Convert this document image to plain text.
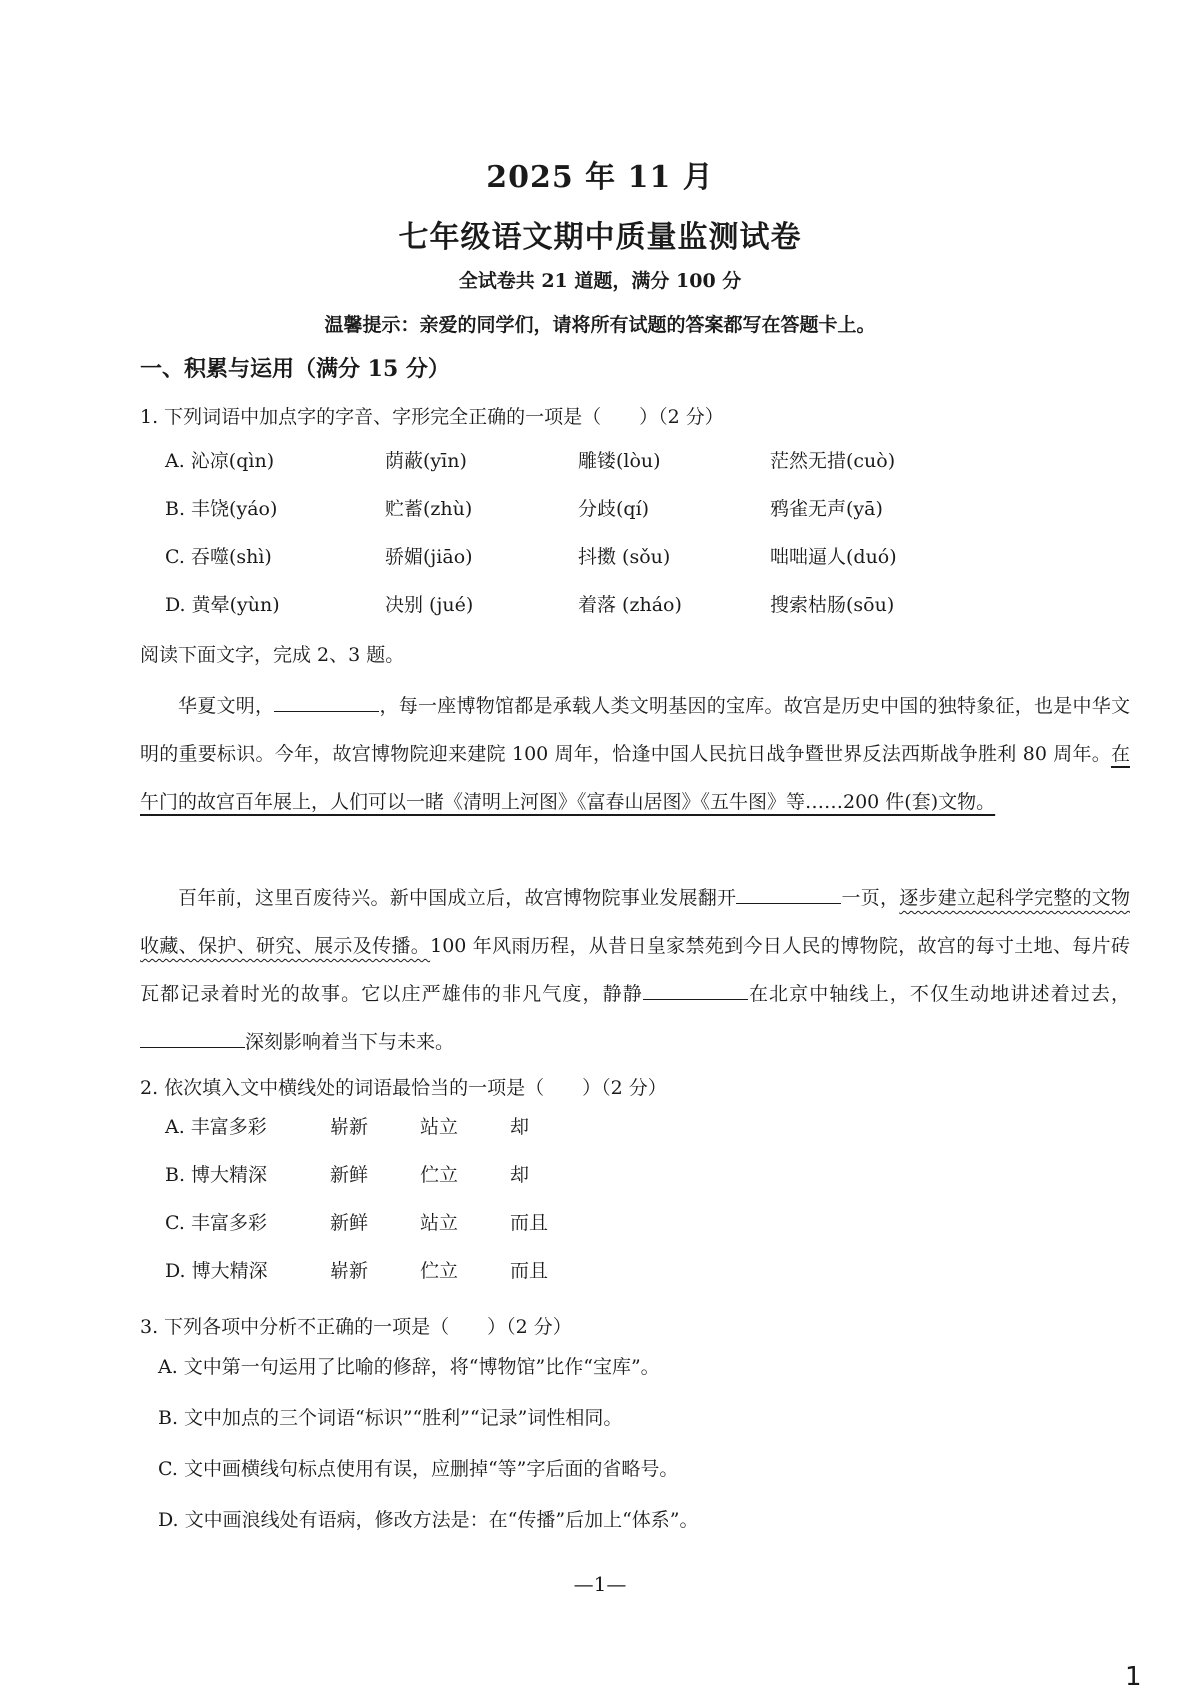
2025 年 11 月
七年级语文期中质量监测试卷
全试卷共 21 道题，满分 100 分
温馨提示：亲爱的同学们，请将所有试题的答案都写在答题卡上。
一、积累与运用（满分 15 分）
1. 下列词语中加点字的字音、字形完全正确的一项是（　　）（2 分）
A. 沁凉(qìn)	荫蔽(yīn)	雕镂(lòu)	茫然无措(cuò)
B. 丰饶(yáo)	贮蓄(zhù)	分歧(qí)	鸦雀无声(yā)
C. 吞噬(shì)	骄媚(jiāo)	抖擞 (sǒu)	咄咄逼人(duó)
D. 黄晕(yùn)	决别 (jué)	着落 (zháo)	搜索枯肠(sōu)
阅读下面文字，完成 2、3 题。
华夏文明，	，每一座博物馆都是承载人类文明基因的宝库。故宫是历史中国的独特象征，也是中华文明的重要标识。今年，故宫博物院迎来建院 100 周年，恰逢中国人民抗日战争暨世界反法西斯战争胜利 80 周年。在午门的故宫百年展上，人们可以一睹《清明上河图》《富春山居图》《五牛图》等……200 件(套)文物。
百年前，这里百废待兴。新中国成立后，故宫博物院事业发展翻开	一页，逐步建立起科学完整的文物收藏、保护、研究、展示及传播。100 年风雨历程，从昔日皇家禁苑到今日人民的博物院，故宫的每寸土地、每片砖瓦都记录着时光的故事。它以庄严雄伟的非凡气度，静静	在北京中轴线上，不仅生动地讲述着过去，深刻影响着当下与未来。
2. 依次填入文中横线处的词语最恰当的一项是（　　）（2 分）
A. 丰富多彩	崭新	站立	却
B. 博大精深	新鲜	伫立	却
C. 丰富多彩	新鲜	站立	而且
D. 博大精深	崭新	伫立	而且
3. 下列各项中分析不正确的一项是（　　）（2 分）
A. 文中第一句运用了比喻的修辞，将“博物馆”比作“宝库”。
B. 文中加点的三个词语“标识”“胜利”“记录”词性相同。
C. 文中画横线句标点使用有误，应删掉“等”字后面的省略号。
D. 文中画浪线处有语病，修改方法是：在“传播”后加上“体系”。
—1—
1
